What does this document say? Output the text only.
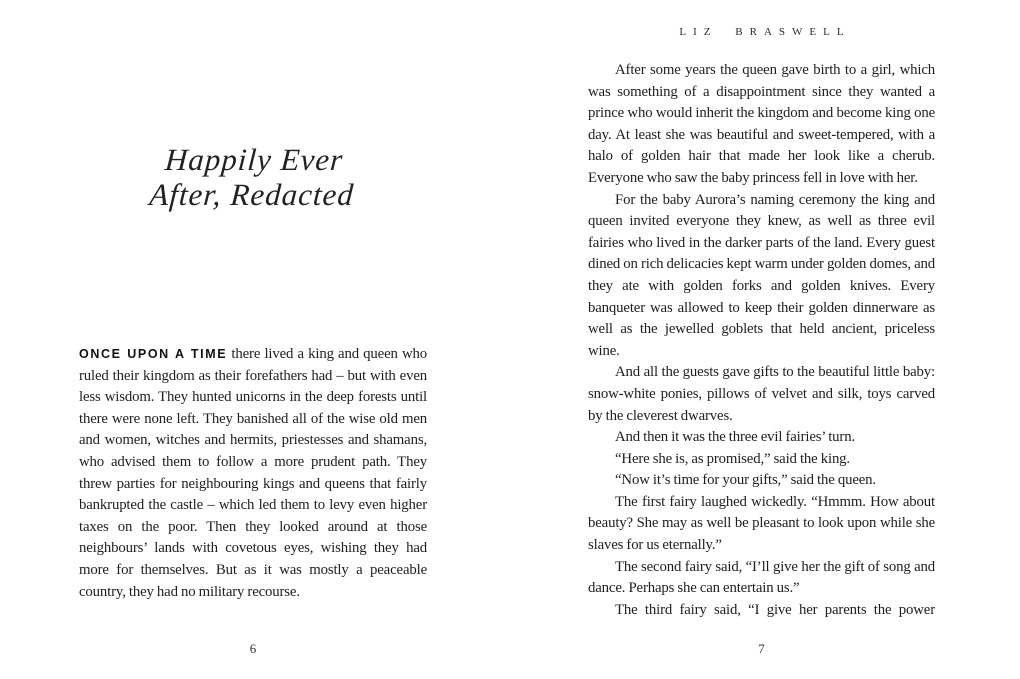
Happily Ever
After, Redacted

ONCE UPON A TIME there lived a king and queen who ruled their kingdom as their forefathers had – but with even less wisdom. They hunted unicorns in the deep forests until there were none left. They banished all of the wise old men and women, witches and hermits, priestesses and shamans, who advised them to follow a more prudent path. They threw parties for neighbouring kings and queens that fairly bankrupted the castle – which led them to levy even higher taxes on the poor. Then they looked around at those neighbours’ lands with covetous eyes, wishing they had more for themselves. But as it was mostly a peaceable country, they had no military recourse.

6
LIZ BRASWELL

After some years the queen gave birth to a girl, which was something of a disappointment since they wanted a prince who would inherit the kingdom and become king one day. At least she was beautiful and sweet-tempered, with a halo of golden hair that made her look like a cherub. Everyone who saw the baby princess fell in love with her.

For the baby Aurora’s naming ceremony the king and queen invited everyone they knew, as well as three evil fairies who lived in the darker parts of the land. Every guest dined on rich delicacies kept warm under golden domes, and they ate with golden forks and golden knives. Every banqueter was allowed to keep their golden dinnerware as well as the jewelled goblets that held ancient, priceless wine.

And all the guests gave gifts to the beautiful little baby: snow-white ponies, pillows of velvet and silk, toys carved by the cleverest dwarves.

And then it was the three evil fairies’ turn.

“Here she is, as promised,” said the king.

“Now it’s time for your gifts,” said the queen.

The first fairy laughed wickedly. “Hmmm. How about beauty? She may as well be pleasant to look upon while she slaves for us eternally.”

The second fairy said, “I’ll give her the gift of song and dance. Perhaps she can entertain us.”

The third fairy said, “I give her parents the power

7
